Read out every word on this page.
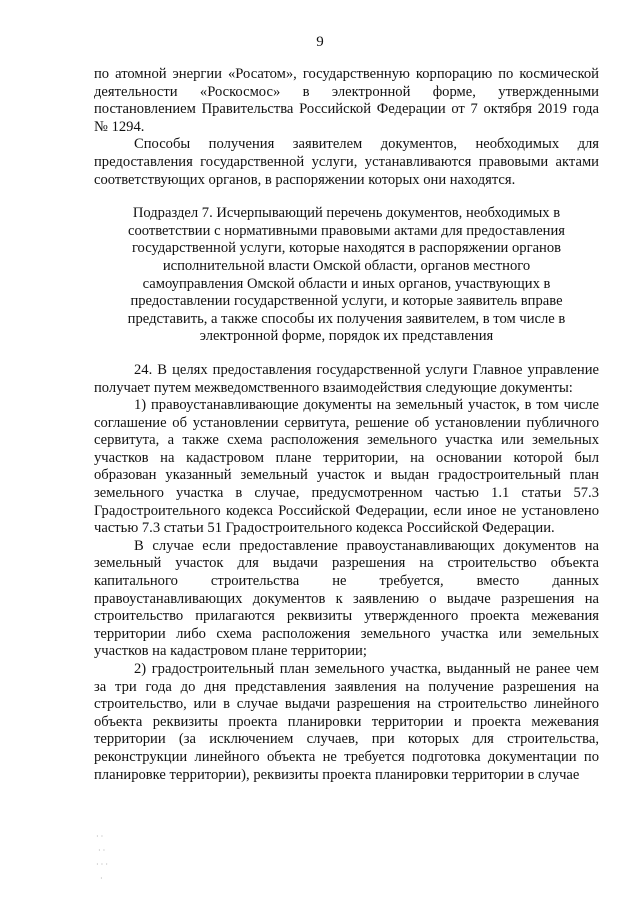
9

по атомной энергии «Росатом», государственную корпорацию по космической деятельности «Роскосмос» в электронной форме, утвержденными постановлением Правительства Российской Федерации от 7 октября 2019 года № 1294.

Способы получения заявителем документов, необходимых для предоставления государственной услуги, устанавливаются правовыми актами соответствующих органов, в распоряжении которых они находятся.

Подраздел 7. Исчерпывающий перечень документов, необходимых в соответствии с нормативными правовыми актами для предоставления государственной услуги, которые находятся в распоряжении органов исполнительной власти Омской области, органов местного самоуправления Омской области и иных органов, участвующих в предоставлении государственной услуги, и которые заявитель вправе представить, а также способы их получения заявителем, в том числе в электронной форме, порядок их представления

24. В целях предоставления государственной услуги Главное управление получает путем межведомственного взаимодействия следующие документы:

1) правоустанавливающие документы на земельный участок, в том числе соглашение об установлении сервитута, решение об установлении публичного сервитута, а также схема расположения земельного участка или земельных участков на кадастровом плане территории, на основании которой был образован указанный земельный участок и выдан градостроительный план земельного участка в случае, предусмотренном частью 1.1 статьи 57.3 Градостроительного кодекса Российской Федерации, если иное не установлено частью 7.3 статьи 51 Градостроительного кодекса Российской Федерации.

В случае если предоставление правоустанавливающих документов на земельный участок для выдачи разрешения на строительство объекта капитального строительства не требуется, вместо данных правоустанавливающих документов к заявлению о выдаче разрешения на строительство прилагаются реквизиты утвержденного проекта межевания территории либо схема расположения земельного участка или земельных участков на кадастровом плане территории;

2) градостроительный план земельного участка, выданный не ранее чем за три года до дня представления заявления на получение разрешения на строительство, или в случае выдачи разрешения на строительство линейного объекта реквизиты проекта планировки территории и проекта межевания территории (за исключением случаев, при которых для строительства, реконструкции линейного объекта не требуется подготовка документации по планировке территории), реквизиты проекта планировки территории в случае

· ·
· ·
· · ·
·
